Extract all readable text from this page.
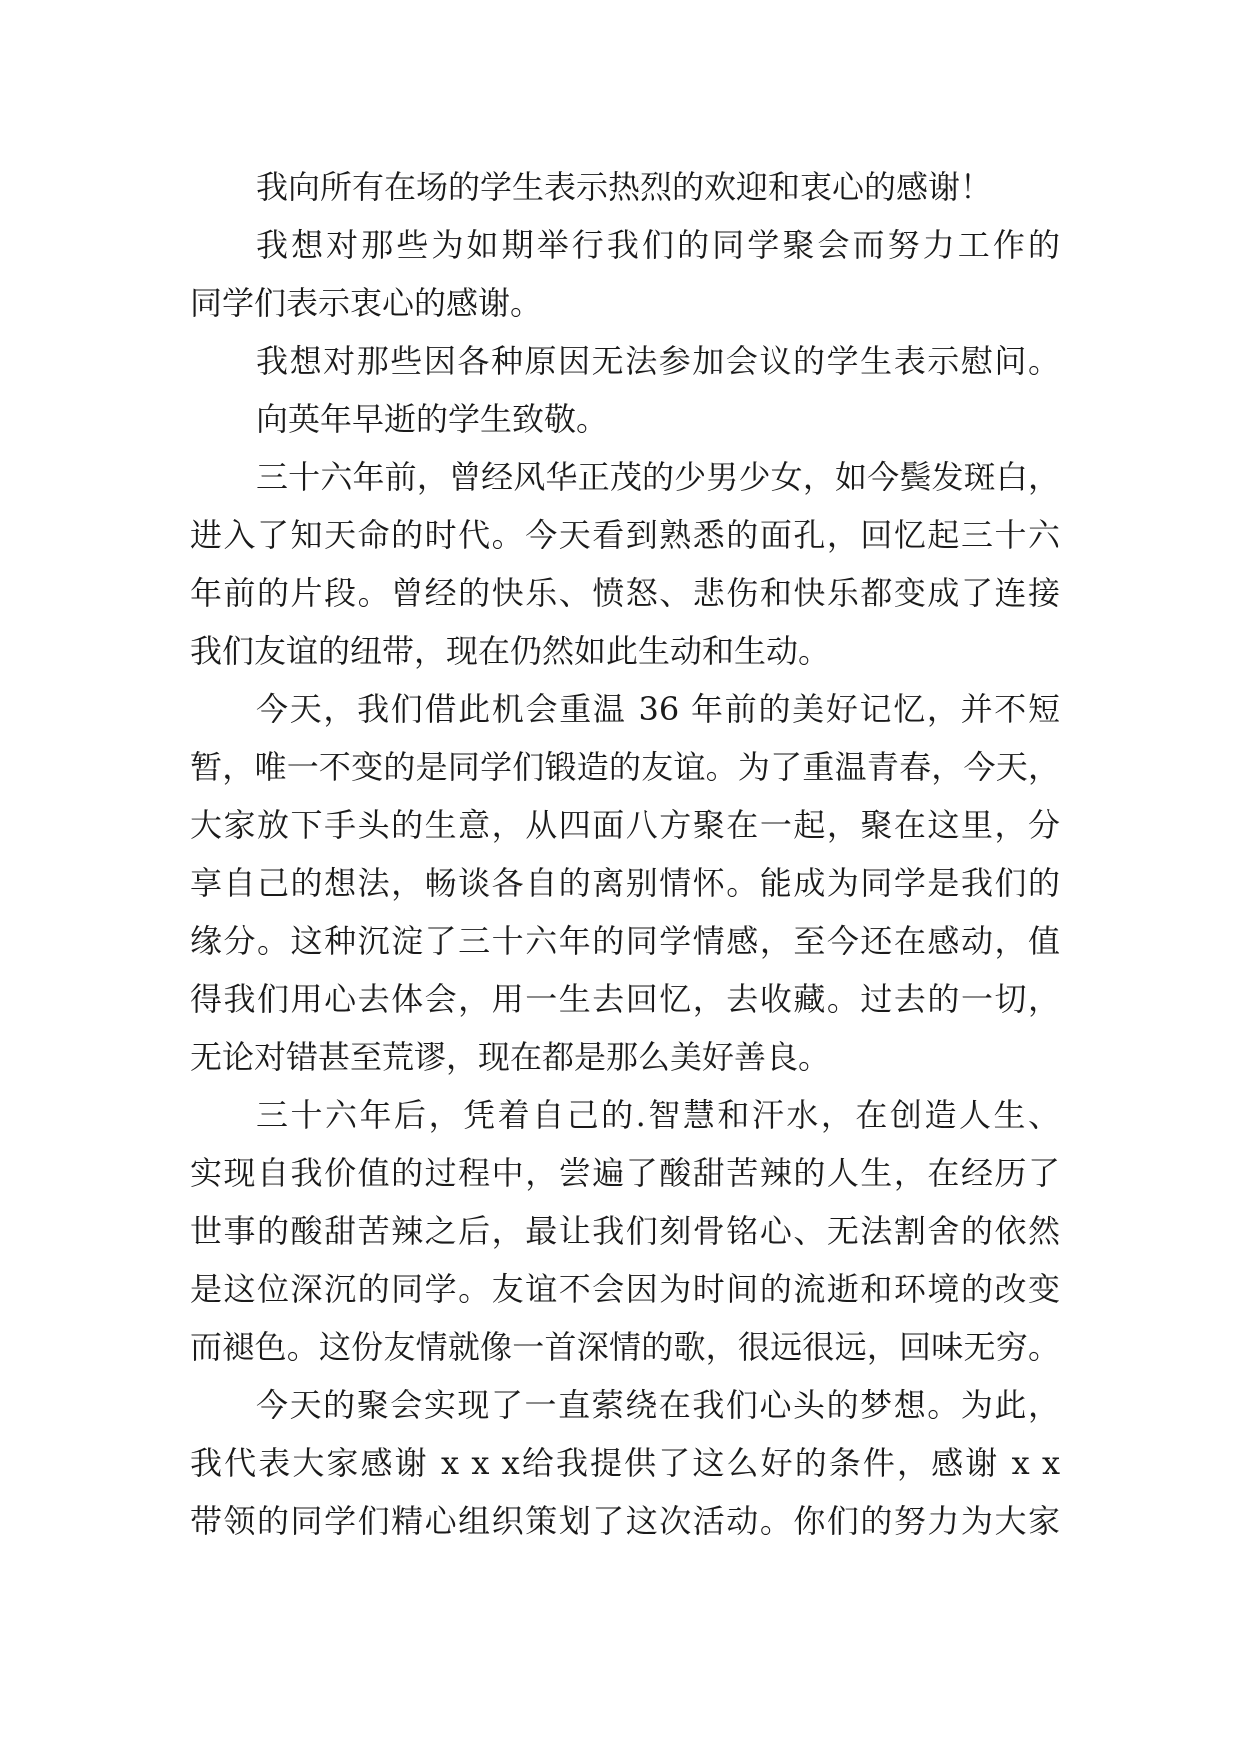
我向所有在场的学生表示热烈的欢迎和衷心的感谢！
我想对那些为如期举行我们的同学聚会而努力工作的
同学们表示衷心的感谢。
我想对那些因各种原因无法参加会议的学生表示慰问。
向英年早逝的学生致敬。
三十六年前，曾经风华正茂的少男少女，如今鬓发斑白，
进入了知天命的时代。今天看到熟悉的面孔，回忆起三十六
年前的片段。曾经的快乐、愤怒、悲伤和快乐都变成了连接
我们友谊的纽带，现在仍然如此生动和生动。
今天，我们借此机会重温 36 年前的美好记忆，并不短
暂，唯一不变的是同学们锻造的友谊。为了重温青春，今天，
大家放下手头的生意，从四面八方聚在一起，聚在这里，分
享自己的想法，畅谈各自的离别情怀。能成为同学是我们的
缘分。这种沉淀了三十六年的同学情感，至今还在感动，值
得我们用心去体会，用一生去回忆，去收藏。过去的一切，
无论对错甚至荒谬，现在都是那么美好善良。
三十六年后，凭着自己的.智慧和汗水，在创造人生、
实现自我价值的过程中，尝遍了酸甜苦辣的人生，在经历了
世事的酸甜苦辣之后，最让我们刻骨铭心、无法割舍的依然
是这位深沉的同学。友谊不会因为时间的流逝和环境的改变
而褪色。这份友情就像一首深情的歌，很远很远，回味无穷。
今天的聚会实现了一直萦绕在我们心头的梦想。为此，
我代表大家感谢 x x x给我提供了这么好的条件，感谢 x x
带领的同学们精心组织策划了这次活动。你们的努力为大家
